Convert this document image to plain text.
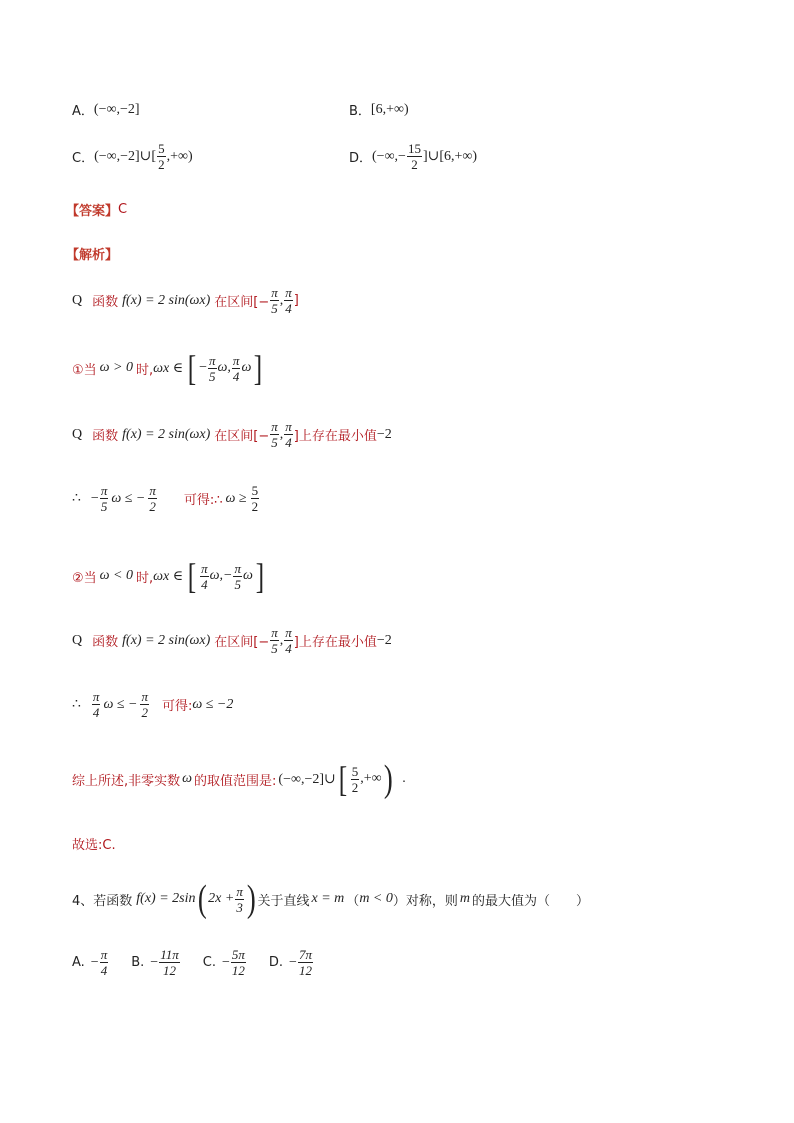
A． (−∞,−2]	B． [6,+∞)
C． (−∞,−2]∪[ $\frac{5}{2}$ ,+∞)	D． (−∞,− $\frac{15}{2}$ ]∪[6,+∞)
【答案】 C
【解析】
Q 函数 f(x) = 2 sin(ωx) 在区间[− $\frac{\pi}{5}$ , $\frac{\pi}{4}$ ]
①当 ω > 0 时, ωx ∈ [ − $\frac{\pi}{5} \omega$, $\frac{\pi}{4}$ ω ]
Q 函数 f(x) = 2 sin(ωx) 在区间[− $\frac{\pi}{5}$ , $\frac{\pi}{4}$ ]上存在最小值 −2
∴ − $\frac{\pi}{5}$ ω ≤ − $\frac{\pi}{2}$ 可得:∴ $\omega \ge \frac{5}{2}$
②当 ω < 0 时, ωx ∈ [ $\frac{\pi}{4} \omega,- \frac{\pi}{5}$ ω ]
Q 函数 f(x) = 2 sin(ωx) 在区间[− $\frac{\pi}{5}$ , $\frac{\pi}{4}$ ]上存在最小值 −2
∴ $\frac{\pi}{4}$ ω ≤ − $\frac{\pi}{2}$ 可得: ω ≤ −2
综上所述,非零实数 ω 的取值范围是: (−∞,−2]∪ [ $\frac{5}{2}$ ,+∞ ) .
故选:C.
4、若函数 f(x) = 2sin ( $2x + \frac{\pi}{3}$ ) 关于直线 x = m （ m < 0 ）对称，则 m 的最大值为（　　）
A. − $\frac{\pi}{4} B$. − $\frac{11\pi}{12} C$. − $\frac{5\pi}{12} D$. − $\frac{7\pi}{12}$
